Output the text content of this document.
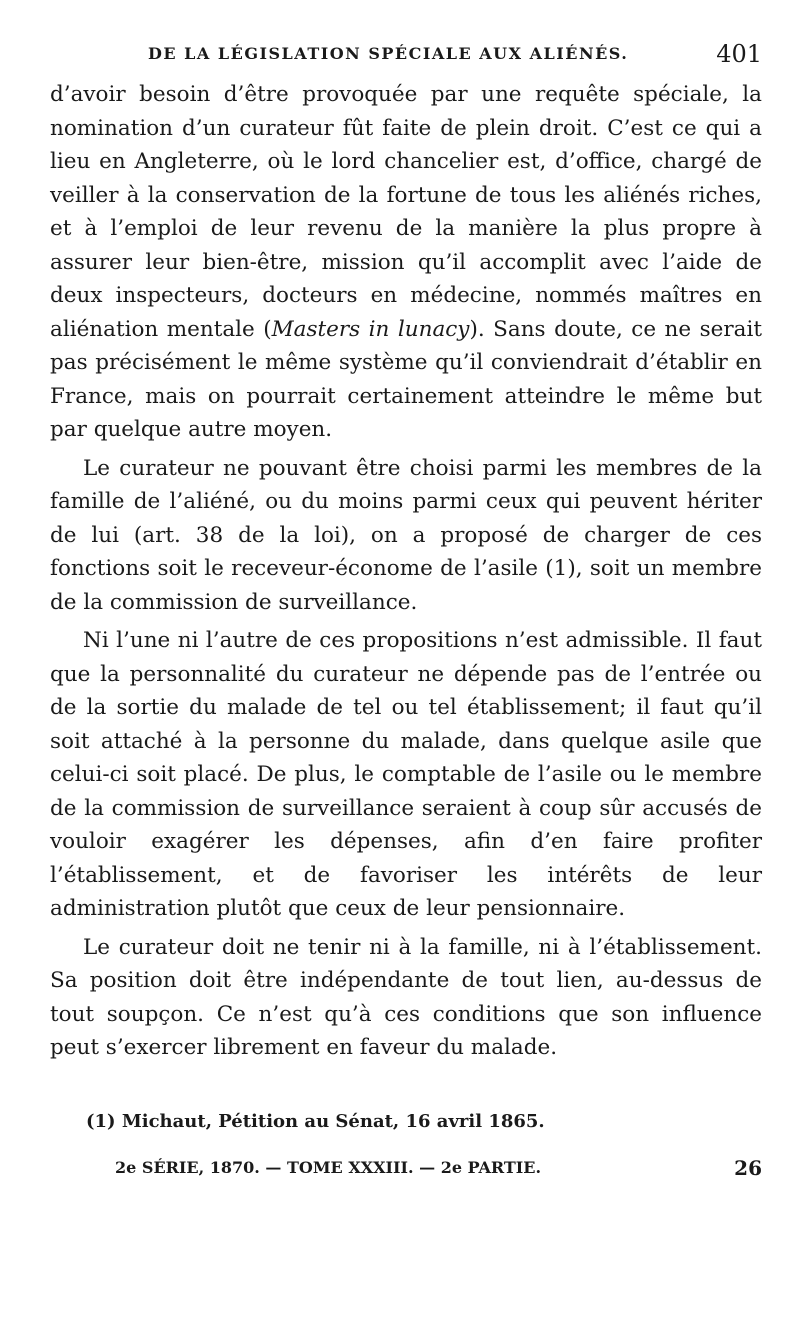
DE LA LÉGISLATION SPÉCIALE AUX ALIÉNÉS.	401

d’avoir besoin d’être provoquée par une requête spéciale, la nomination d’un curateur fût faite de plein droit. C’est ce qui a lieu en Angleterre, où le lord chancelier est, d’office, chargé de veiller à la conservation de la fortune de tous les aliénés riches, et à l’emploi de leur revenu de la manière la plus propre à assurer leur bien-être, mission qu’il accomplit avec l’aide de deux inspecteurs, docteurs en médecine, nommés maîtres en aliénation mentale (Masters in lunacy). Sans doute, ce ne serait pas précisément le même système qu’il conviendrait d’établir en France, mais on pourrait certainement atteindre le même but par quelque autre moyen.

Le curateur ne pouvant être choisi parmi les membres de la famille de l’aliéné, ou du moins parmi ceux qui peuvent hériter de lui (art. 38 de la loi), on a proposé de charger de ces fonctions soit le receveur-économe de l’asile (1), soit un membre de la commission de surveillance.

Ni l’une ni l’autre de ces propositions n’est admissible. Il faut que la personnalité du curateur ne dépende pas de l’entrée ou de la sortie du malade de tel ou tel établissement; il faut qu’il soit attaché à la personne du malade, dans quelque asile que celui-ci soit placé. De plus, le comptable de l’asile ou le membre de la commission de surveillance seraient à coup sûr accusés de vouloir exagérer les dépenses, afin d’en faire profiter l’établissement, et de favoriser les intérêts de leur administration plutôt que ceux de leur pensionnaire.

Le curateur doit ne tenir ni à la famille, ni à l’établissement. Sa position doit être indépendante de tout lien, au-dessus de tout soupçon. Ce n’est qu’à ces conditions que son influence peut s’exercer librement en faveur du malade.

(1) Michaut, Pétition au Sénat, 16 avril 1865.
2e SÉRIE, 1870. — TOME XXXIII. — 2e PARTIE.	26
